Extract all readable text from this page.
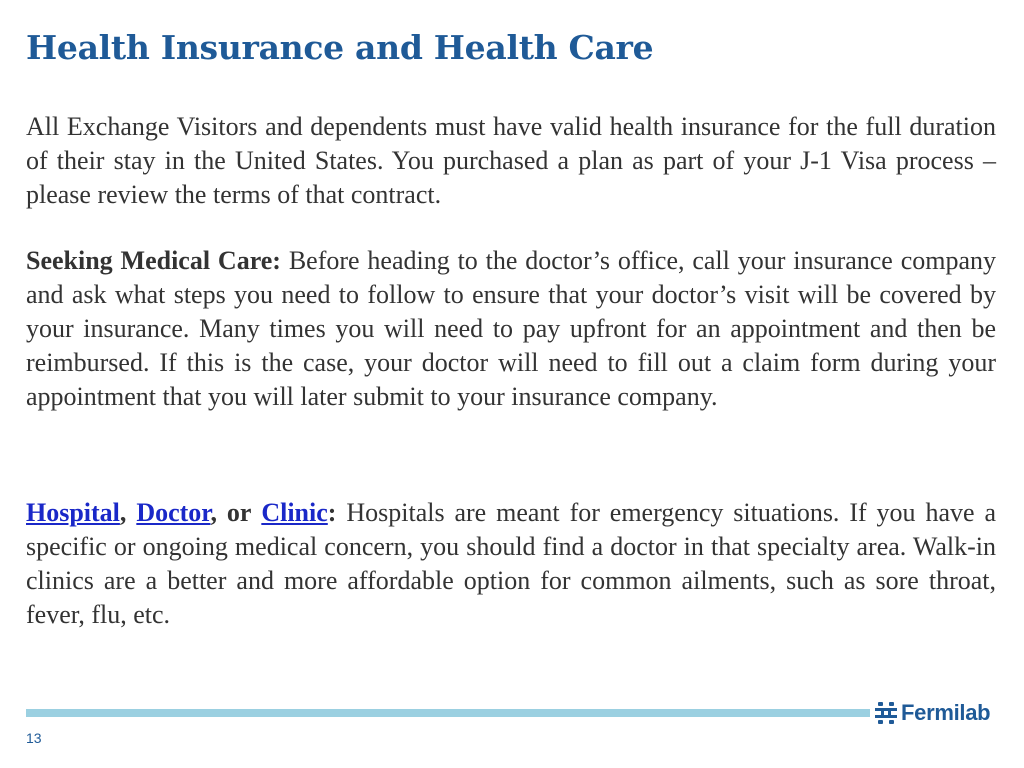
Health Insurance and Health Care

All Exchange Visitors and dependents must have valid health insurance for the full duration of their stay in the United States. You purchased a plan as part of your J-1 Visa process – please review the terms of that contract.

Seeking Medical Care: Before heading to the doctor’s office, call your insurance company and ask what steps you need to follow to ensure that your doctor’s visit will be covered by your insurance. Many times you will need to pay upfront for an appointment and then be reimbursed. If this is the case, your doctor will need to fill out a claim form during your appointment that you will later submit to your insurance company.

Hospital, Doctor, or Clinic: Hospitals are meant for emergency situations. If you have a specific or ongoing medical concern, you should find a doctor in that specialty area. Walk-in clinics are a better and more affordable option for common ailments, such as sore throat, fever, flu, etc.

Fermilab
13
